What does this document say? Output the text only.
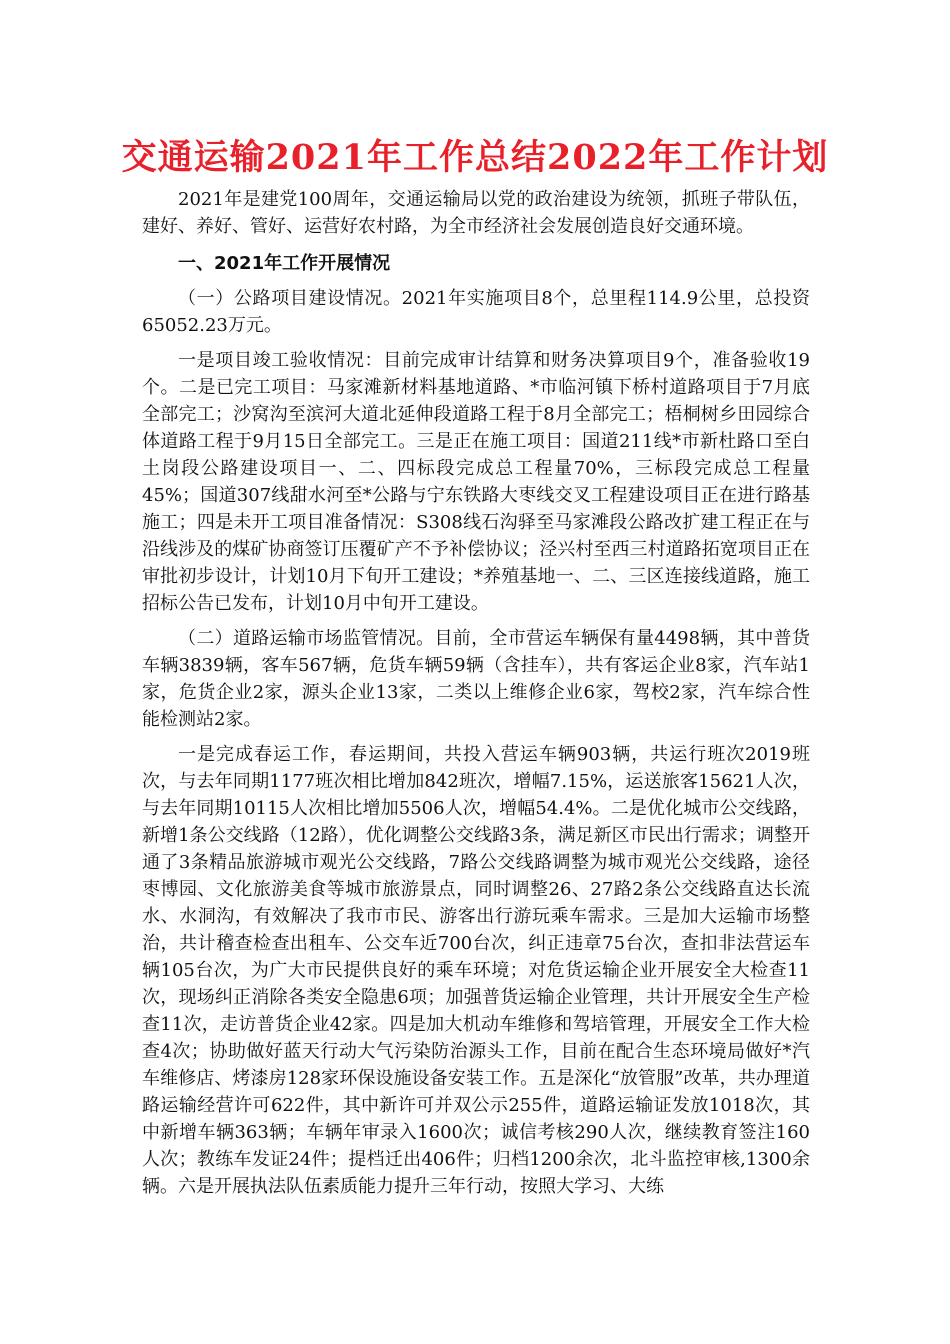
交通运输2021年工作总结2022年工作计划

2021年是建党100周年，交通运输局以党的政治建设为统领，抓班子带队伍，建好、养好、管好、运营好农村路，为全市经济社会发展创造良好交通环境。

一、2021年工作开展情况

（一）公路项目建设情况。2021年实施项目8个，总里程114.9公里，总投资65052.23万元。

一是项目竣工验收情况：目前完成审计结算和财务决算项目9个，准备验收19个。二是已完工项目：马家滩新材料基地道路、*市临河镇下桥村道路项目于7月底全部完工；沙窝沟至滨河大道北延伸段道路工程于8月全部完工；梧桐树乡田园综合体道路工程于9月15日全部完工。三是正在施工项目：国道211线*市新杜路口至白土岗段公路建设项目一、二、四标段完成总工程量70%，三标段完成总工程量45%；国道307线甜水河至*公路与宁东铁路大枣线交叉工程建设项目正在进行路基施工；四是未开工项目准备情况：S308线石沟驿至马家滩段公路改扩建工程正在与沿线涉及的煤矿协商签订压覆矿产不予补偿协议；泾兴村至西三村道路拓宽项目正在审批初步设计，计划10月下旬开工建设；*养殖基地一、二、三区连接线道路，施工招标公告已发布，计划10月中旬开工建设。

（二）道路运输市场监管情况。目前，全市营运车辆保有量4498辆，其中普货车辆3839辆，客车567辆，危货车辆59辆（含挂车），共有客运企业8家，汽车站1家，危货企业2家，源头企业13家，二类以上维修企业6家，驾校2家，汽车综合性能检测站2家。

一是完成春运工作，春运期间，共投入营运车辆903辆，共运行班次2019班次，与去年同期1177班次相比增加842班次，增幅7.15%，运送旅客15621人次，与去年同期10115人次相比增加5506人次，增幅54.4%。二是优化城市公交线路，新增1条公交线路（12路），优化调整公交线路3条，满足新区市民出行需求；调整开通了3条精品旅游城市观光公交线路，7路公交线路调整为城市观光公交线路，途径枣博园、文化旅游美食等城市旅游景点，同时调整26、27路2条公交线路直达长流水、水洞沟，有效解决了我市市民、游客出行游玩乘车需求。三是加大运输市场整治，共计稽查检查出租车、公交车近700台次，纠正违章75台次，查扣非法营运车辆105台次，为广大市民提供良好的乘车环境；对危货运输企业开展安全大检查11次，现场纠正消除各类安全隐患6项；加强普货运输企业管理，共计开展安全生产检查11次，走访普货企业42家。四是加大机动车维修和驾培管理，开展安全工作大检查4次；协助做好蓝天行动大气污染防治源头工作，目前在配合生态环境局做好*汽车维修店、烤漆房128家环保设施设备安装工作。五是深化“放管服”改革，共办理道路运输经营许可622件，其中新许可并双公示255件，道路运输证发放1018次，其中新增车辆363辆；车辆年审录入1600次；诚信考核290人次，继续教育签注160人次；教练车发证24件；提档迁出406件；归档1200余次，北斗监控审核,1300余辆。六是开展执法队伍素质能力提升三年行动，按照大学习、大练
